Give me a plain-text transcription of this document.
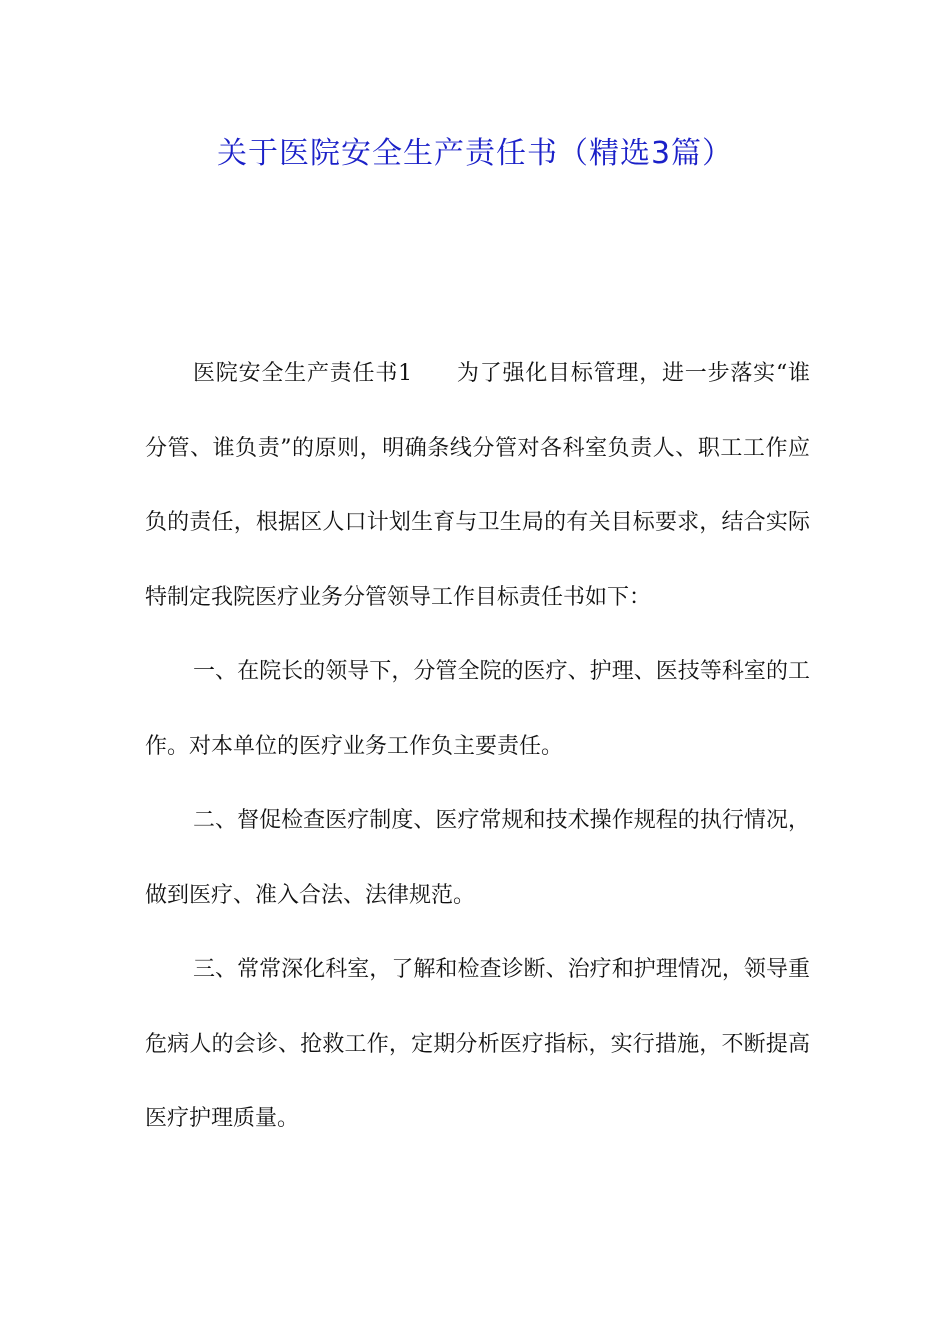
关于医院安全生产责任书（精选3篇）

医院安全生产责任书1 为了强化目标管理，进一步落实“谁分管、谁负责”的原则，明确条线分管对各科室负责人、职工工作应负的责任，根据区人口计划生育与卫生局的有关目标要求，结合实际特制定我院医疗业务分管领导工作目标责任书如下：

一、在院长的领导下，分管全院的医疗、护理、医技等科室的工作。对本单位的医疗业务工作负主要责任。

二、督促检查医疗制度、医疗常规和技术操作规程的执行情况，做到医疗、准入合法、法律规范。

三、常常深化科室，了解和检查诊断、治疗和护理情况，领导重危病人的会诊、抢救工作，定期分析医疗指标，实行措施，不断提高医疗护理质量。
